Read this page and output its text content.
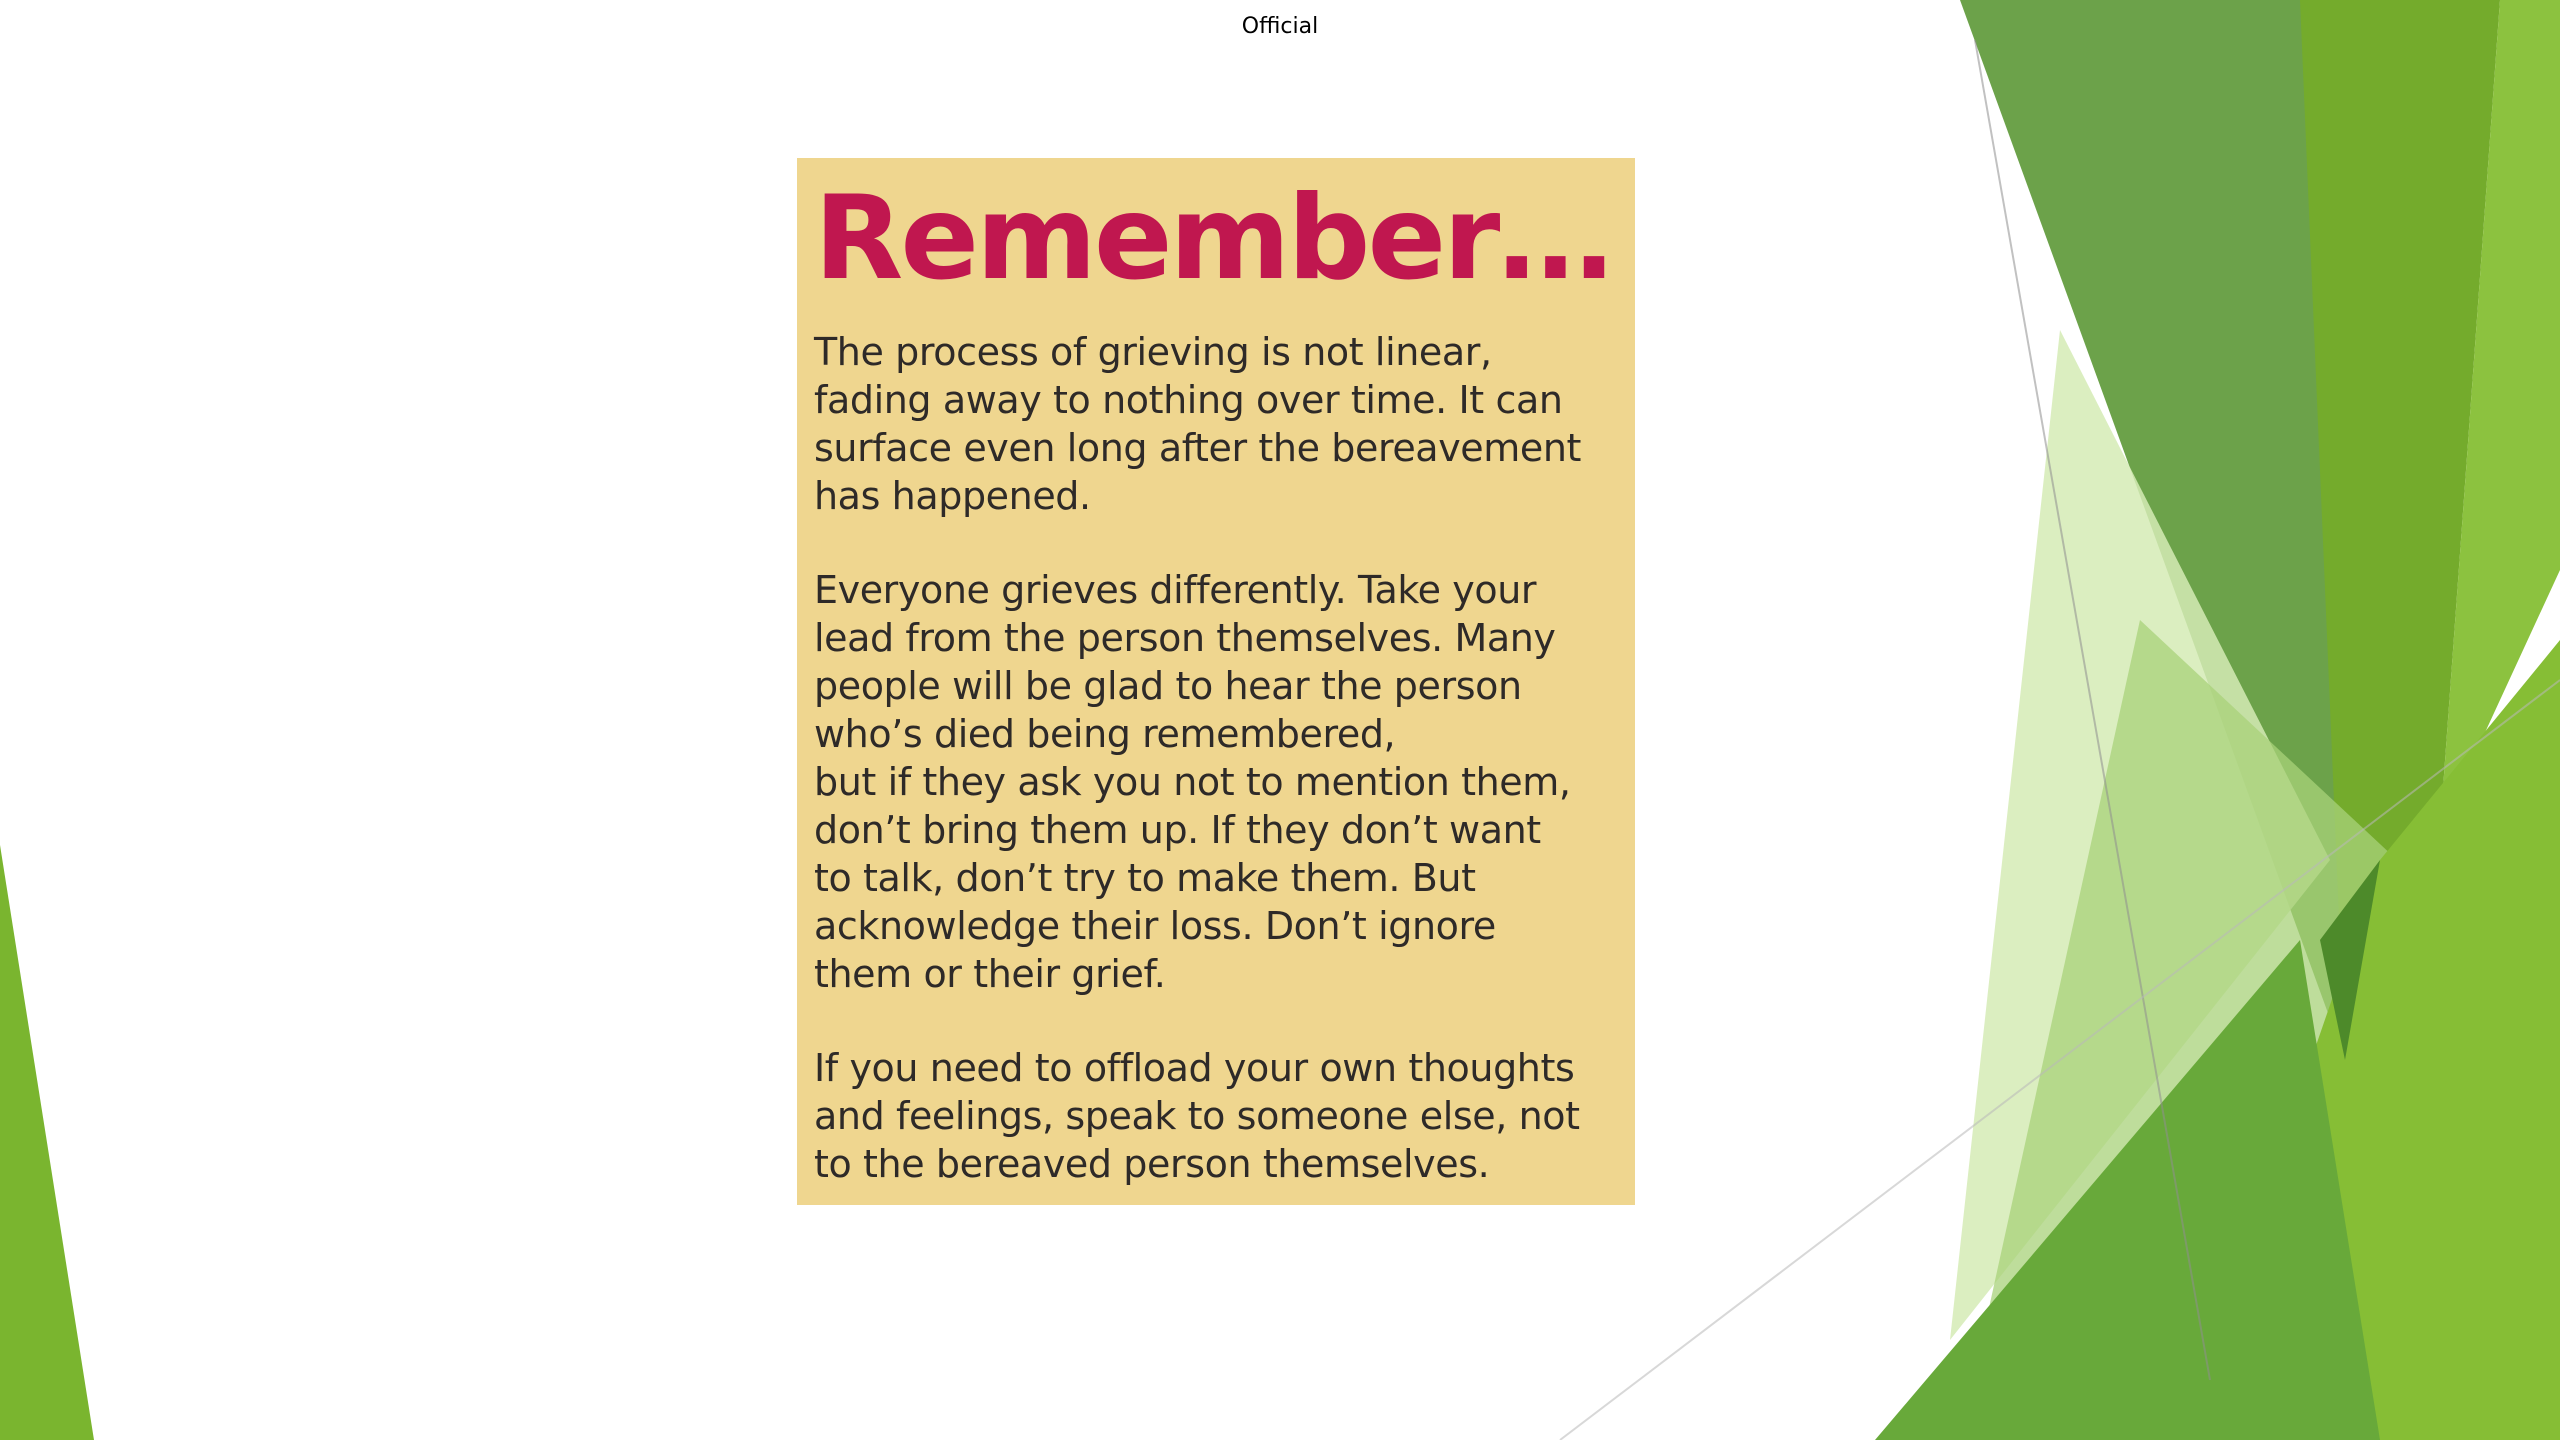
Official
Remember…

The process of grieving is not linear,
fading away to nothing over time. It can
surface even long after the bereavement
has happened.

Everyone grieves differently. Take your
lead from the person themselves. Many
people will be glad to hear the person
who’s died being remembered,
but if they ask you not to mention them,
don’t bring them up. If they don’t want
to talk, don’t try to make them. But
acknowledge their loss. Don’t ignore
them or their grief.

If you need to offload your own thoughts
and feelings, speak to someone else, not
to the bereaved person themselves.
